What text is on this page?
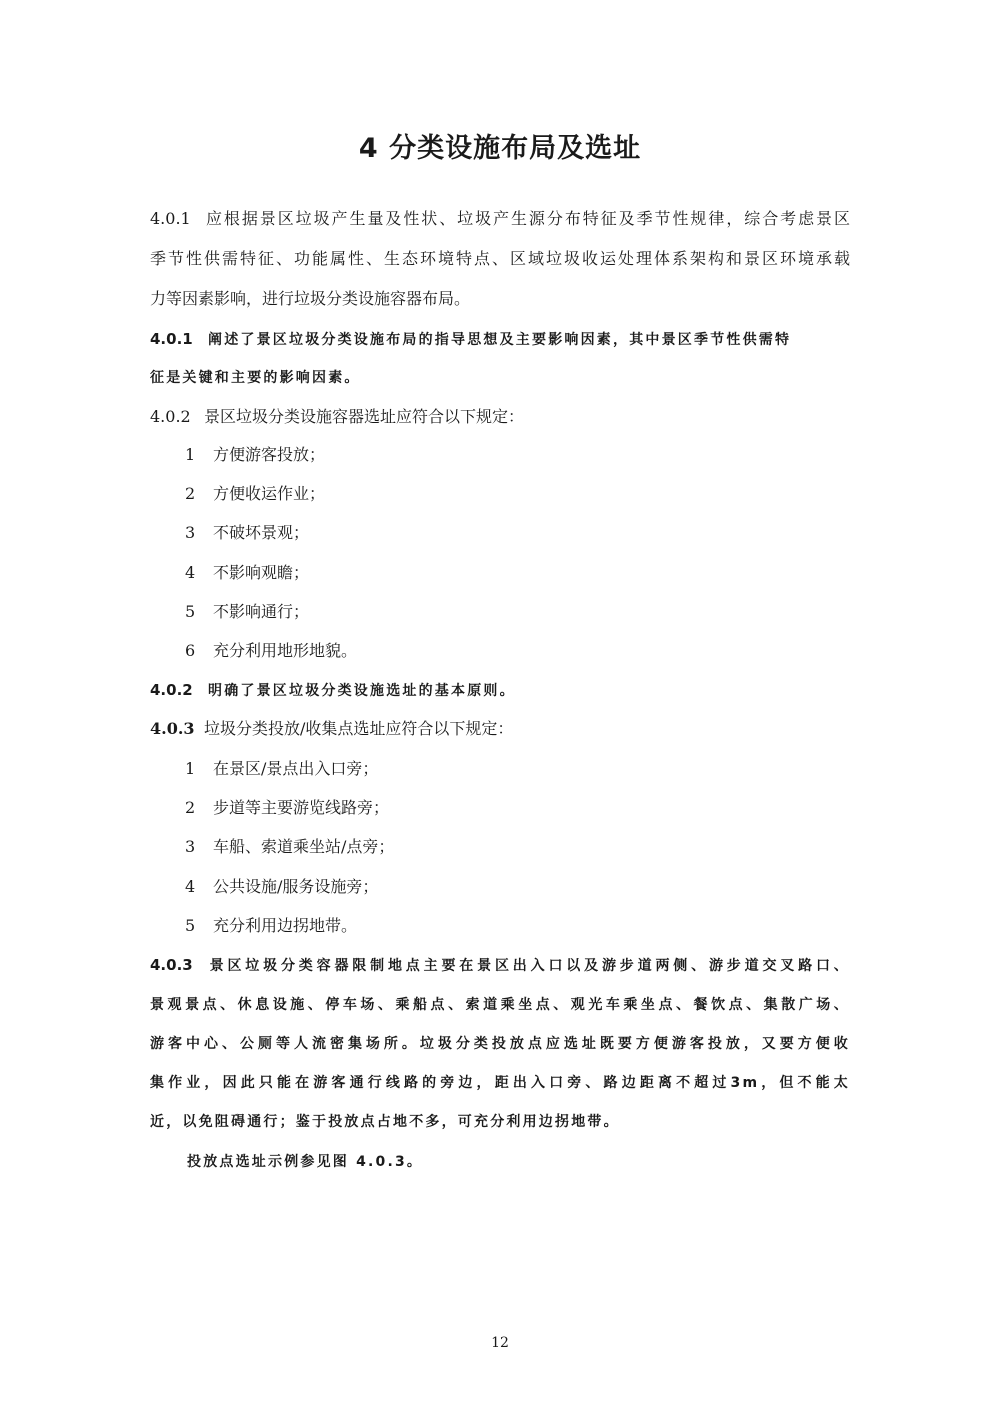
4 分类设施布局及选址
4.0.1 应根据景区垃圾产生量及性状、垃圾产生源分布特征及季节性规律，综合考虑景区
季节性供需特征、功能属性、生态环境特点、区域垃圾收运处理体系架构和景区环境承载
力等因素影响，进行垃圾分类设施容器布局。
4.0.1 阐述了景区垃圾分类设施布局的指导思想及主要影响因素，其中景区季节性供需特
征是关键和主要的影响因素。
4.0.2 景区垃圾分类设施容器选址应符合以下规定：
1 方便游客投放；
2 方便收运作业；
3 不破坏景观；
4 不影响观瞻；
5 不影响通行；
6 充分利用地形地貌。
4.0.2 明确了景区垃圾分类设施选址的基本原则。
4.0.3 垃圾分类投放/收集点选址应符合以下规定：
1 在景区/景点出入口旁；
2 步道等主要游览线路旁；
3 车船、索道乘坐站/点旁；
4 公共设施/服务设施旁；
5 充分利用边拐地带。
4.0.3 景区垃圾分类容器限制地点主要在景区出入口以及游步道两侧、游步道交叉路口、
景观景点、休息设施、停车场、乘船点、索道乘坐点、观光车乘坐点、餐饮点、集散广场、
游客中心、公厕等人流密集场所。垃圾分类投放点应选址既要方便游客投放，又要方便收
集作业，因此只能在游客通行线路的旁边，距出入口旁、路边距离不超过3m，但不能太
近，以免阻碍通行；鉴于投放点占地不多，可充分利用边拐地带。
投放点选址示例参见图 4.0.3。
12
